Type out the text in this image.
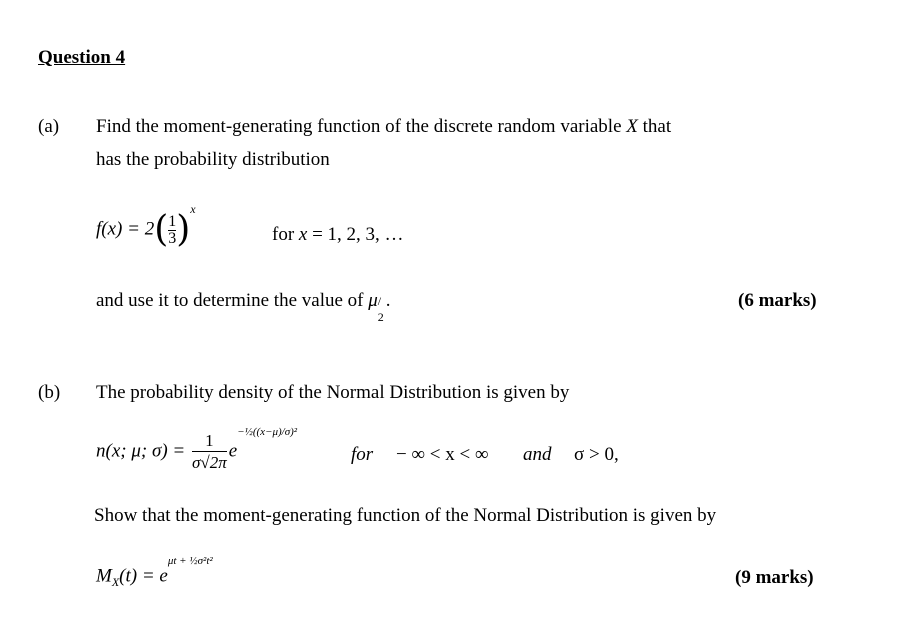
Question 4
(a) Find the moment-generating function of the discrete random variable X that
has the probability distribution
$f(x) = 2( \frac{1}{3} )^x$
for x = 1, 2, 3, …
and use it to determine the value of μ /
2
.	(6 marks)
(b) The probability density of the Normal Distribution is given by
n(x; μ; $\sigma) = \frac{1}{\sigma√2\pi} e^{-\frac{1}{2}((x-\mu)/\sigma)^2}$
for − ∞ < x < ∞ and σ > 0,
Show that the moment-generating function of the Normal Distribution is given by
$M_X(t) = e^{\mu t + \frac{1}{2}\sigma^2t^2}$
(9 marks)
